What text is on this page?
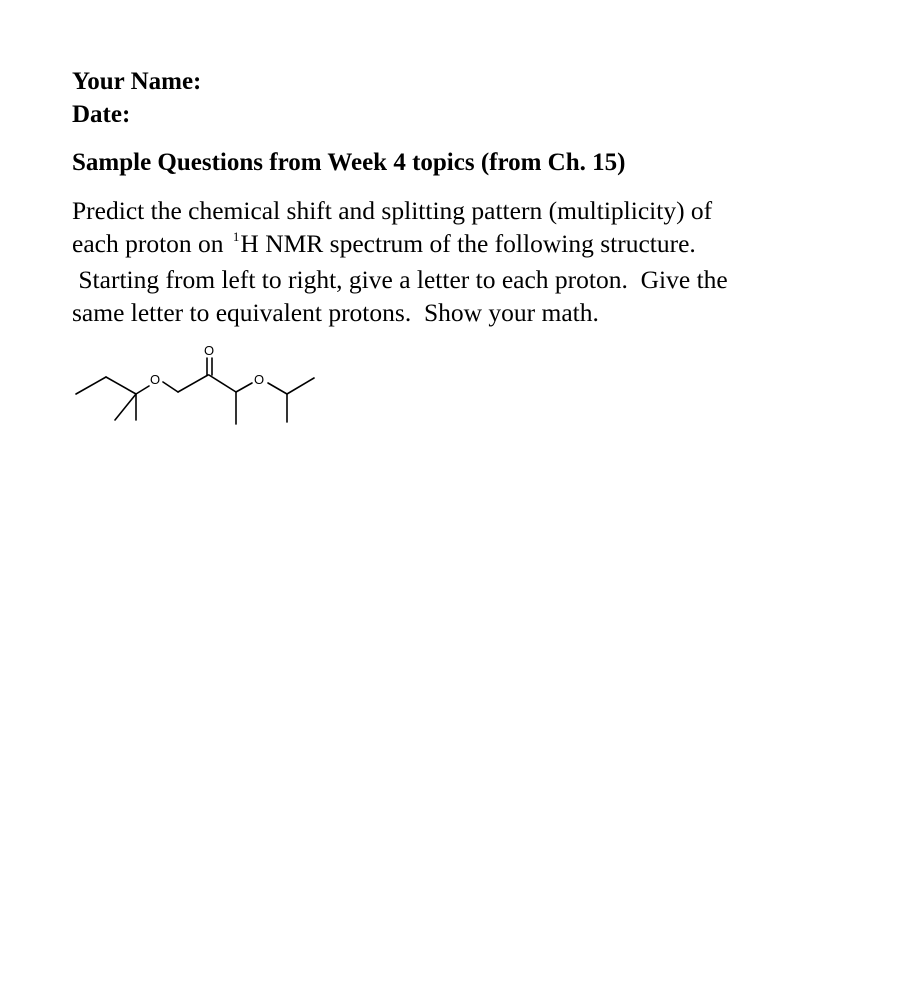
Your Name:
Date:
Sample Questions from Week 4 topics (from Ch. 15)
Predict the chemical shift and splitting pattern (multiplicity) of
each proton on $^1$H NMR spectrum of the following structure.
Starting from left to right, give a letter to each proton.  Give the
same letter to equivalent protons.  Show your math.
O
O
O
